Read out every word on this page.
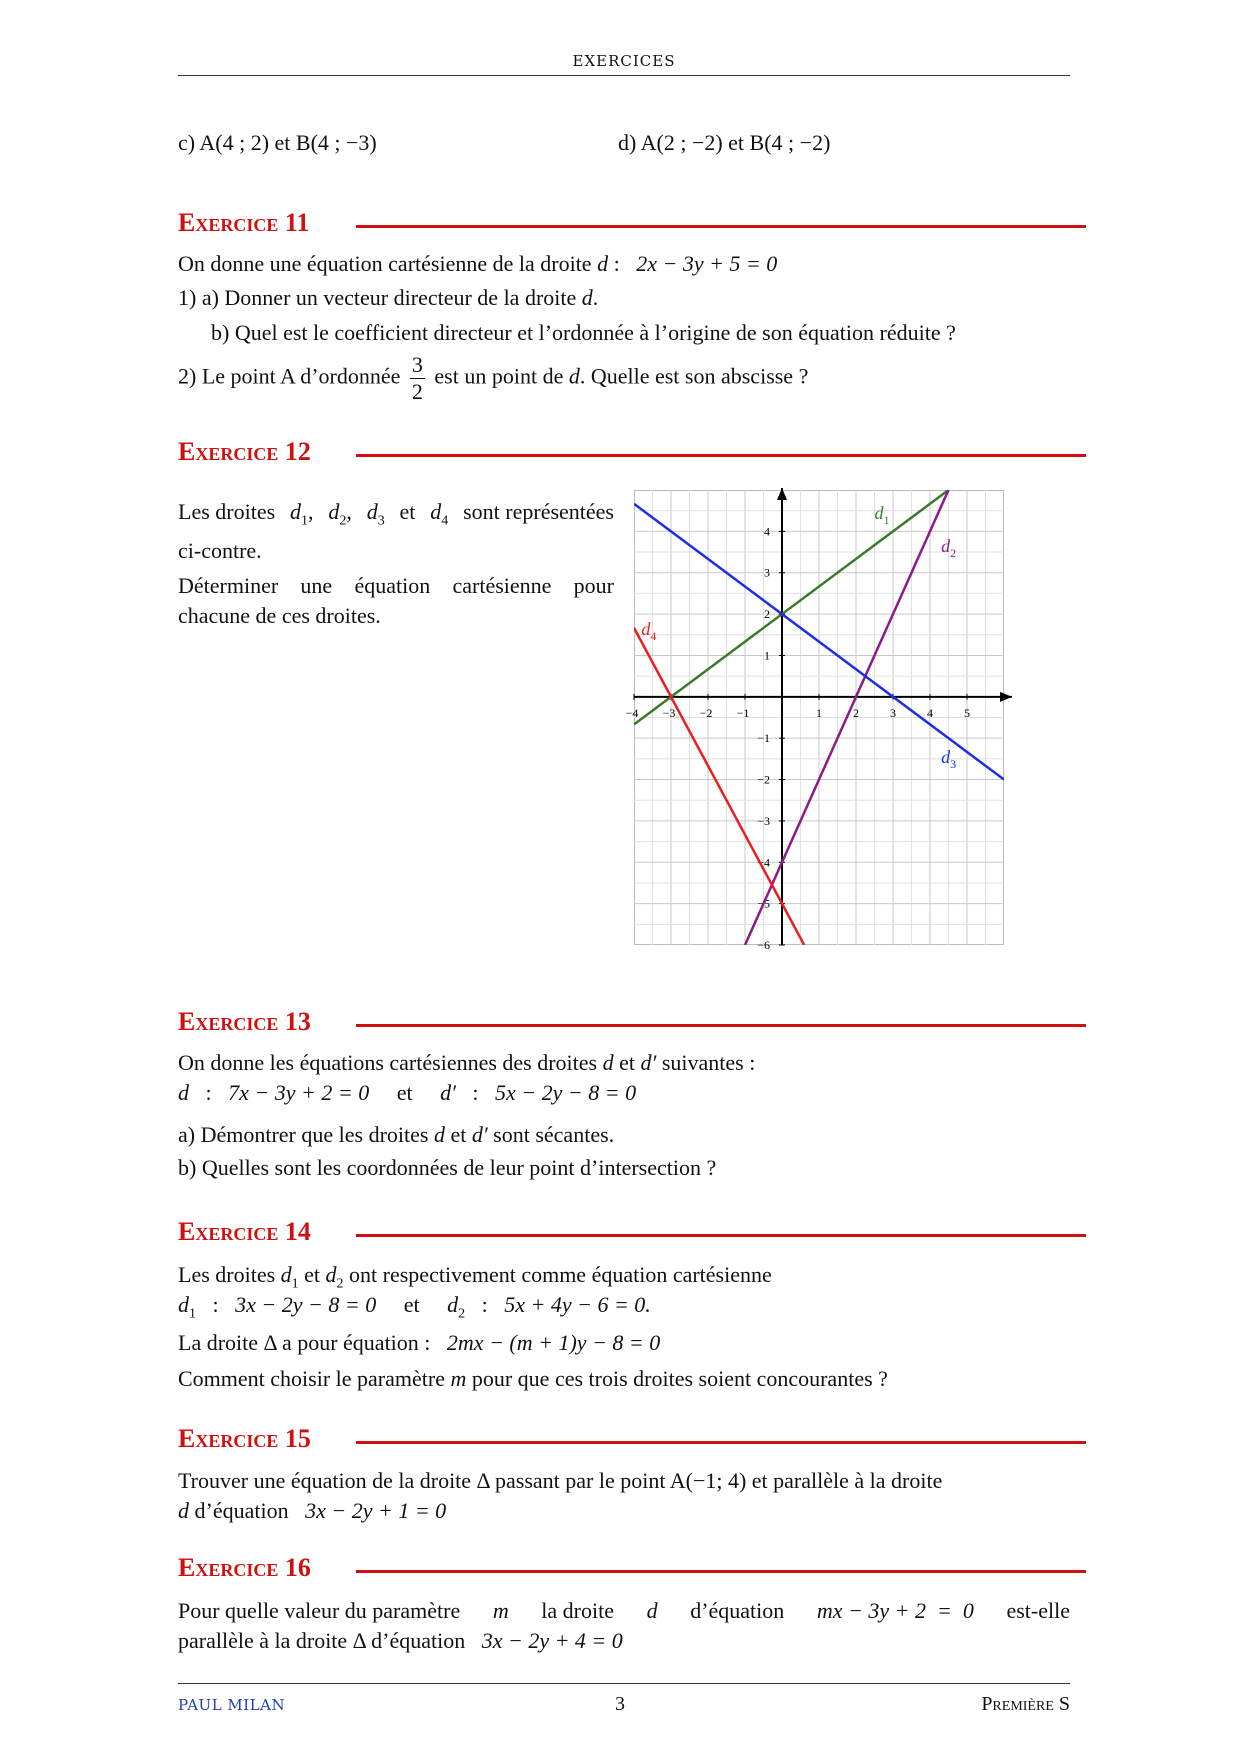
EXERCICES
c) A(4 ; 2) et B(4 ; −3)	d) A(2 ; −2) et B(4 ; −2)
Exercice 11
On donne une équation cartésienne de la droite d : 2x − 3y + 5 = 0
1) a) Donner un vecteur directeur de la droite d.
b) Quel est le coefficient directeur et l’ordonnée à l’origine de son équation réduite ?
2) Le point A d’ordonnée $\frac{3}{2}$ est un point de d. Quelle est son abscisse ?
Exercice 12
Les droites $d_1$, $d_2$, $d_3$ et $d_4$ sont représentées
ci-contre.
Déterminer une équation cartésienne pour
chacune de ces droites.
−4 −3 −2 −1	1	2	3	4	5
4
3
2
1
−1
−2
−3
−4
−5
−6
$d_1$
$d_2$
$d_3$
$d_4$
Exercice 13
On donne les équations cartésiennes des droites d et d′ suivantes :
d : 7x − 3y + 2 = 0 et d′ : 5x − 2y − 8 = 0
a) Démontrer que les droites d et d′ sont sécantes.
b) Quelles sont les coordonnées de leur point d’intersection ?
Exercice 14
Les droites $d_1$ et $d_2$ ont respectivement comme équation cartésienne
$d_1$ : 3x − 2y − 8 = 0 et $d_2$ : 5x + 4y − 6 = 0.
La droite Δ a pour équation : 2mx − (m + 1)y − 8 = 0
Comment choisir le paramètre m pour que ces trois droites soient concourantes ?
Exercice 15
Trouver une équation de la droite Δ passant par le point A(−1; 4) et parallèle à la droite
d d’équation 3x − 2y + 1 = 0
Exercice 16
Pour quelle valeur du paramètre m la droite d d’équation mx − 3y + 2  =  0 est-elle
parallèle à la droite Δ d’équation 3x − 2y + 4 = 0
PAUL MILAN	3	Première S
